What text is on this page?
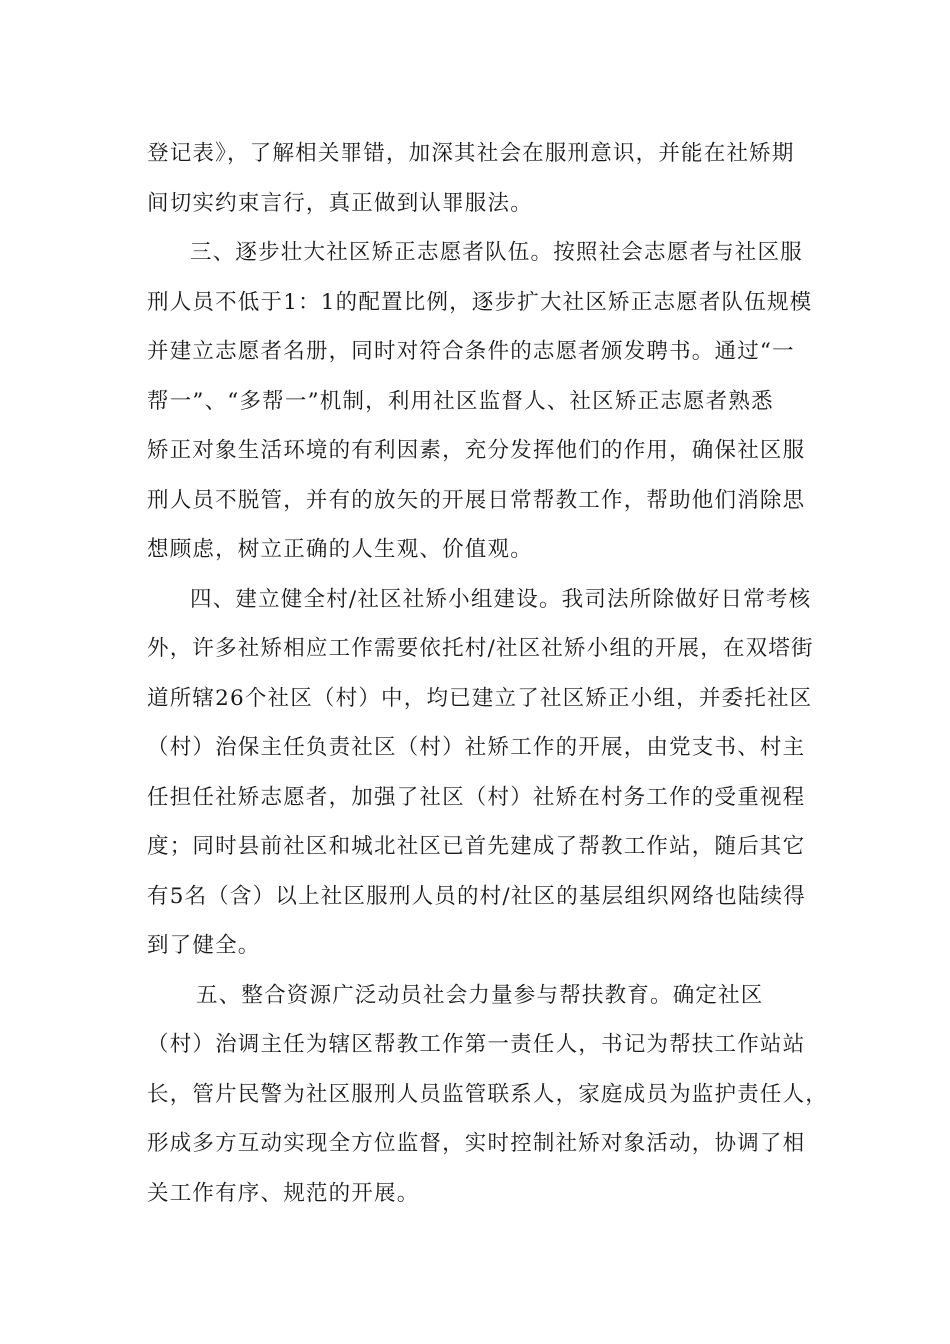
登记表》，了解相关罪错，加深其社会在服刑意识，并能在社矫期
间切实约束言行，真正做到认罪服法。
三、逐步壮大社区矫正志愿者队伍。按照社会志愿者与社区服
刑人员不低于1：1的配置比例，逐步扩大社区矫正志愿者队伍规模
并建立志愿者名册，同时对符合条件的志愿者颁发聘书。通过“一
帮一”、“多帮一”机制，利用社区监督人、社区矫正志愿者熟悉
矫正对象生活环境的有利因素，充分发挥他们的作用，确保社区服
刑人员不脱管，并有的放矢的开展日常帮教工作，帮助他们消除思
想顾虑，树立正确的人生观、价值观。
四、建立健全村/社区社矫小组建设。我司法所除做好日常考核
外，许多社矫相应工作需要依托村/社区社矫小组的开展，在双塔街
道所辖26个社区（村）中，均已建立了社区矫正小组，并委托社区
（村）治保主任负责社区（村）社矫工作的开展，由党支书、村主
任担任社矫志愿者，加强了社区（村）社矫在村务工作的受重视程
度；同时县前社区和城北社区已首先建成了帮教工作站，随后其它
有5名（含）以上社区服刑人员的村/社区的基层组织网络也陆续得
到了健全。
五、整合资源广泛动员社会力量参与帮扶教育。确定社区
（村）治调主任为辖区帮教工作第一责任人，书记为帮扶工作站站
长，管片民警为社区服刑人员监管联系人，家庭成员为监护责任人，
形成多方互动实现全方位监督，实时控制社矫对象活动，协调了相
关工作有序、规范的开展。
